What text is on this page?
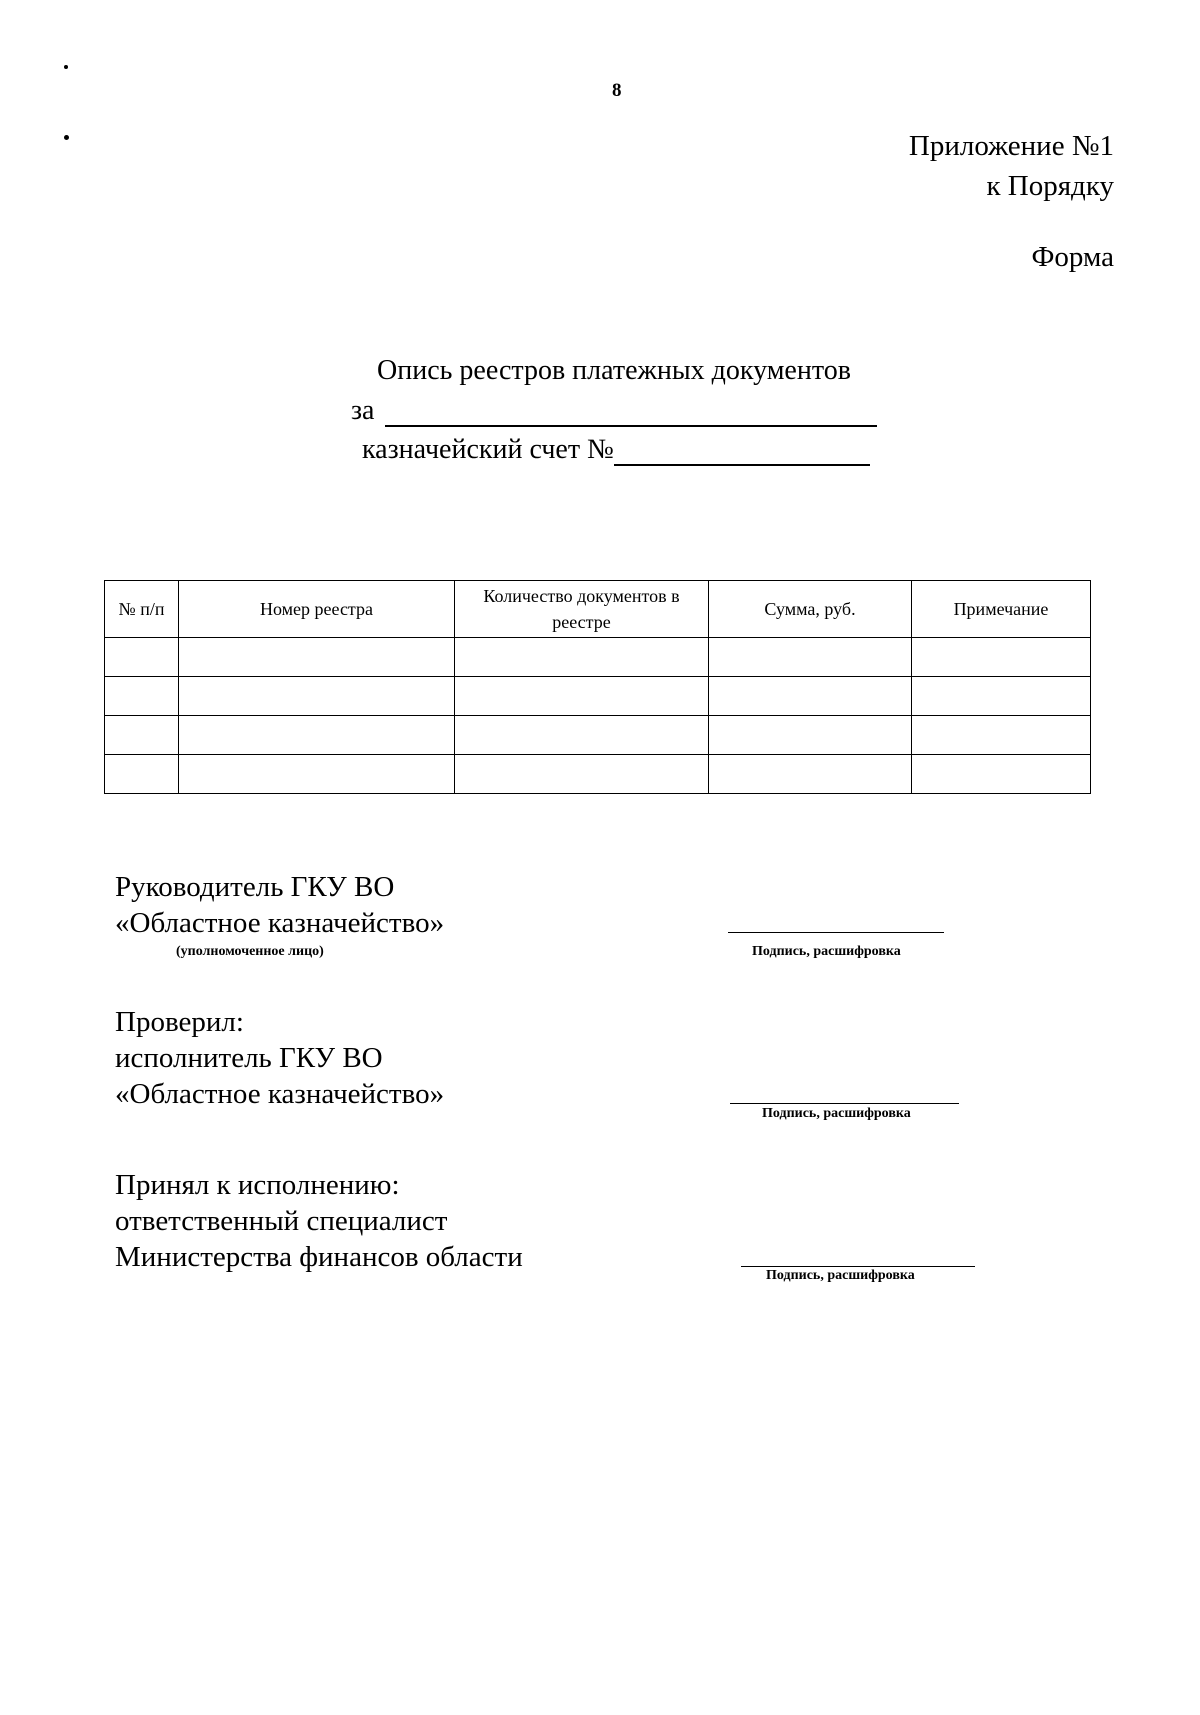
8
Приложение №1
к Порядку
Форма
Опись реестров платежных документов
за
казначейский счет №
№ п/п	Номер реестра	Количество документов в реестре	Сумма, руб.	Примечание

Руководитель ГКУ ВО
«Областное казначейство»
(уполномоченное лицо)	Подпись, расшифровка
Проверил:
исполнитель ГКУ ВО
«Областное казначейство»
Подпись, расшифровка
Принял к исполнению:
ответственный специалист
Министерства финансов области
Подпись, расшифровка
